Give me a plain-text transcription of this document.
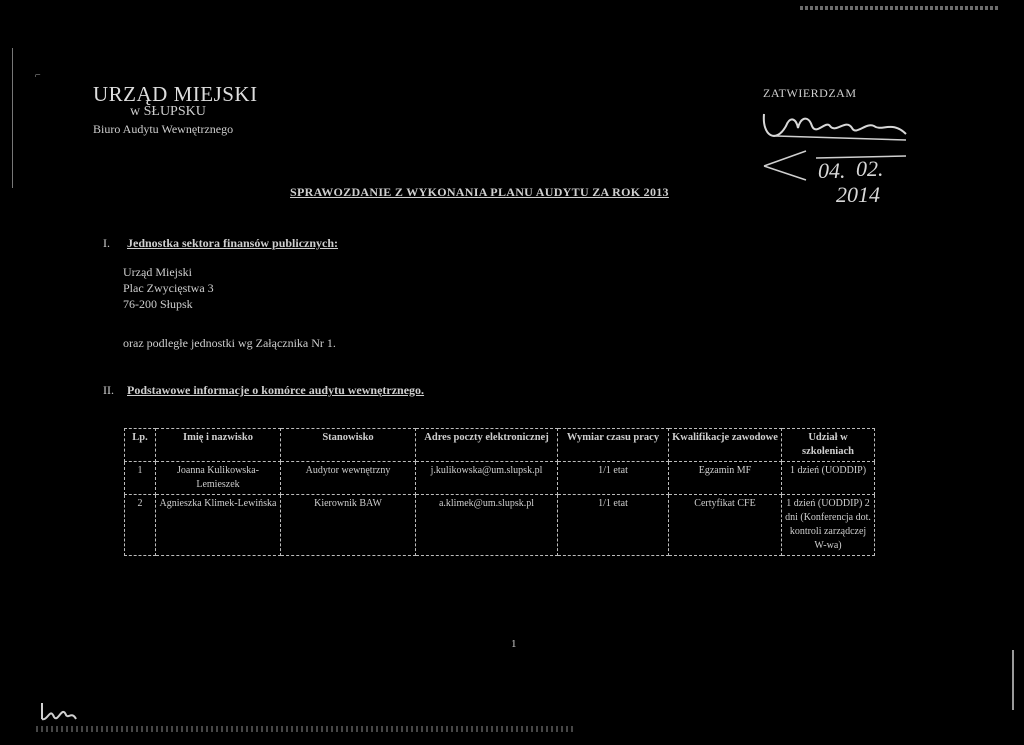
⌐
URZĄD MIEJSKI
w SŁUPSKU
Biuro Audytu Wewnętrznego
ZATWIERDZAM
04. 02.
2014
SPRAWOZDANIE Z WYKONANIA PLANU AUDYTU ZA ROK 2013
I. Jednostka sektora finansów publicznych:
Urząd Miejski
Plac Zwycięstwa 3
76-200 Słupsk
oraz podległe jednostki wg Załącznika Nr 1.
II. Podstawowe informacje o komórce audytu wewnętrznego.
Lp.	Imię i nazwisko	Stanowisko	Adres poczty elektronicznej	Wymiar czasu pracy	Kwalifikacje zawodowe	Udział w szkoleniach
1	Joanna Kulikowska-Lemieszek	Audytor wewnętrzny	j.kulikowska@um.slupsk.pl	1/1 etat	Egzamin MF	1 dzień (UODDIP)
2	Agnieszka Klimek-Lewińska	Kierownik BAW	a.klimek@um.slupsk.pl	1/1 etat	Certyfikat CFE	1 dzień (UODDIP) 2 dni (Konferencja dot. kontroli zarządczej W-wa)
1
